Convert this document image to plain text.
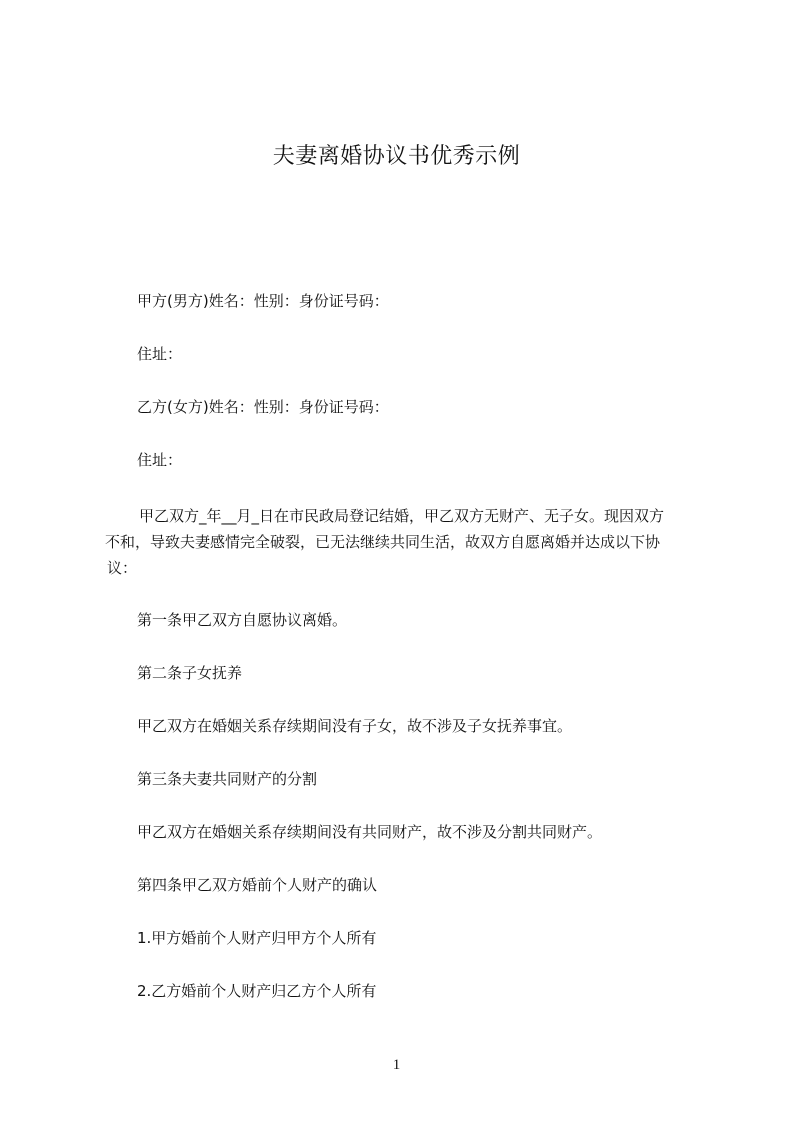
夫妻离婚协议书优秀示例
甲方(男方)姓名：性别：身份证号码：
住址：
乙方(女方)姓名：性别：身份证号码：
住址：
甲乙双方_年__月_日在市民政局登记结婚，甲乙双方无财产、无子女。现因双方
不和，导致夫妻感情完全破裂，已无法继续共同生活，故双方自愿离婚并达成以下协
议：
第一条甲乙双方自愿协议离婚。
第二条子女抚养
甲乙双方在婚姻关系存续期间没有子女，故不涉及子女抚养事宜。
第三条夫妻共同财产的分割
甲乙双方在婚姻关系存续期间没有共同财产，故不涉及分割共同财产。
第四条甲乙双方婚前个人财产的确认
1.甲方婚前个人财产归甲方个人所有
2.乙方婚前个人财产归乙方个人所有
1
